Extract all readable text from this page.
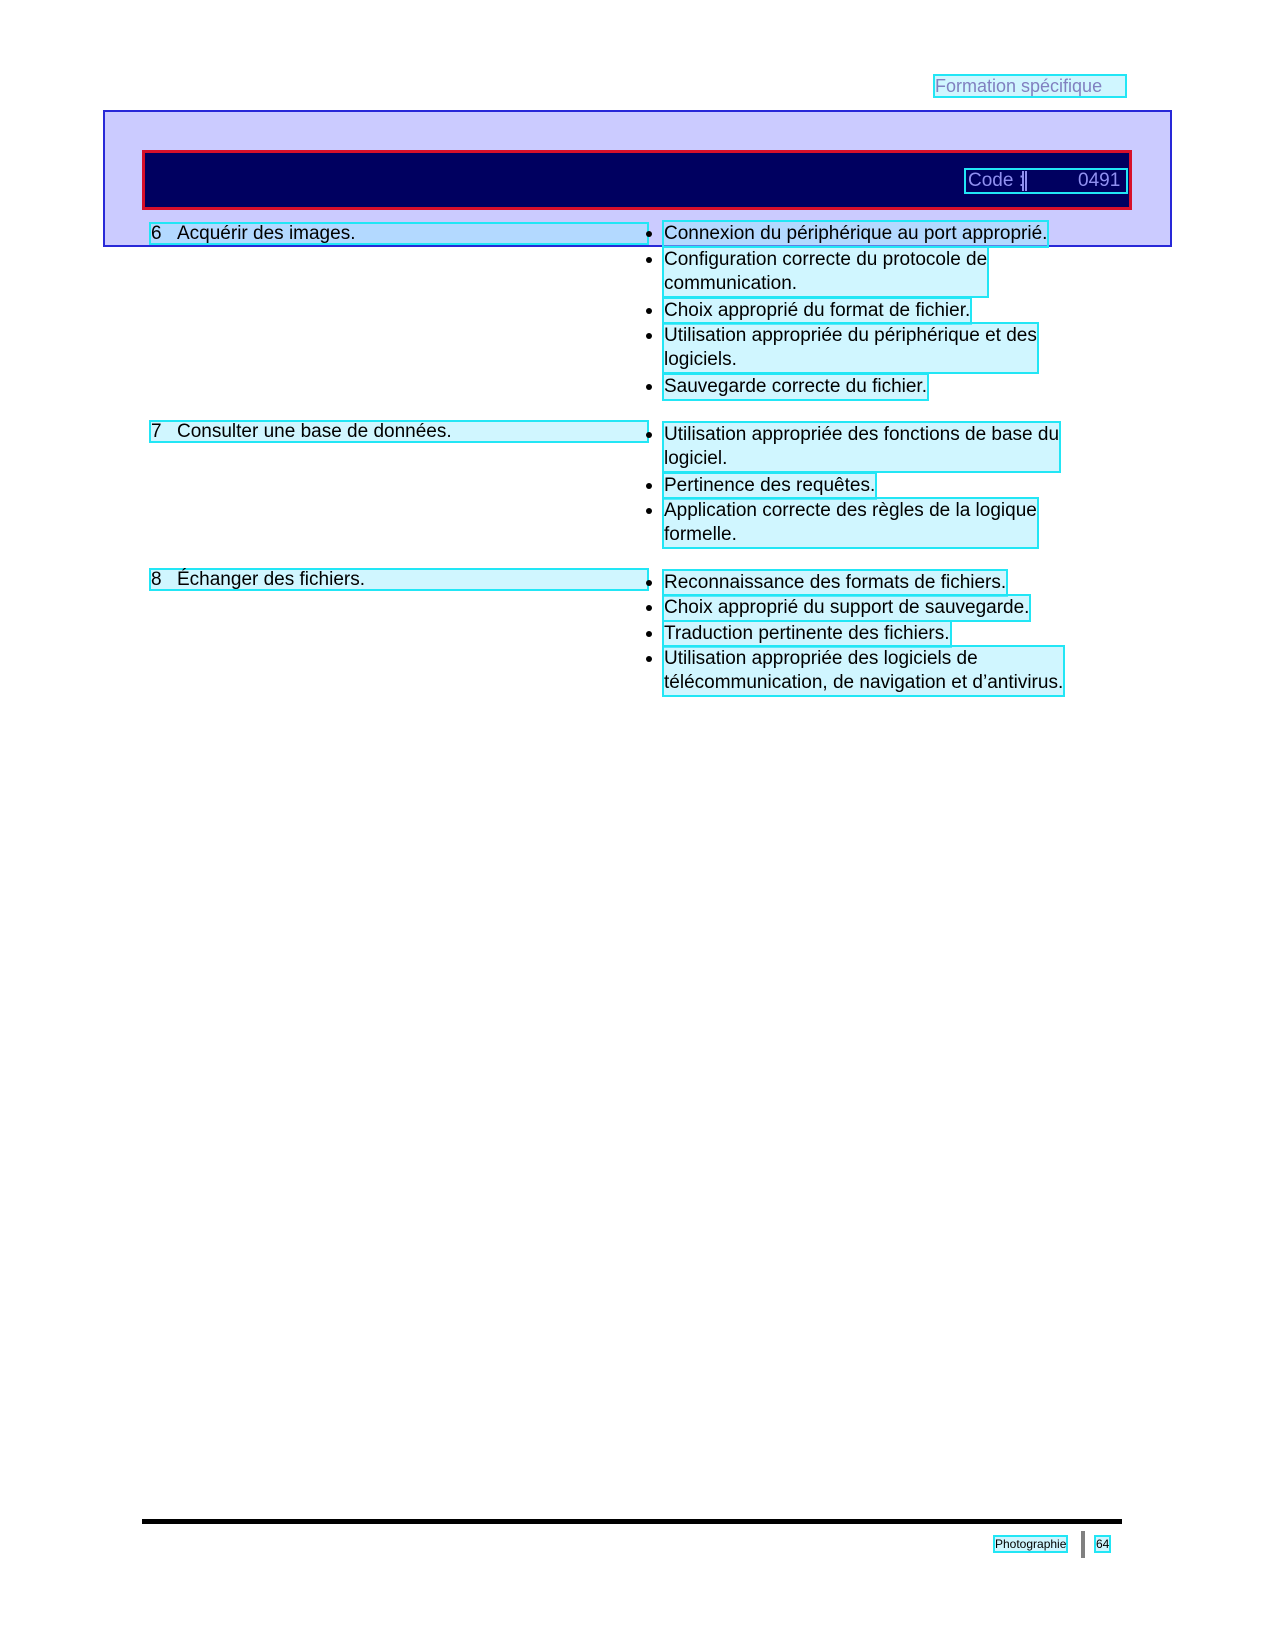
Formation spécifique
Code :	0491
6 Acquérir des images.	Connexion du périphérique au port approprié.
Configuration correcte du protocole de
communication.
Choix approprié du format de fichier.
Utilisation appropriée du périphérique et des
logiciels.
Sauvegarde correcte du fichier.
7 Consulter une base de données.	Utilisation appropriée des fonctions de base du
logiciel.
Pertinence des requêtes.
Application correcte des règles de la logique
formelle.
8 Échanger des fichiers.	Reconnaissance des formats de fichiers.
Choix approprié du support de sauvegarde.
Traduction pertinente des fichiers.
Utilisation appropriée des logiciels de
télécommunication, de navigation et d’antivirus.
Photographie 64
